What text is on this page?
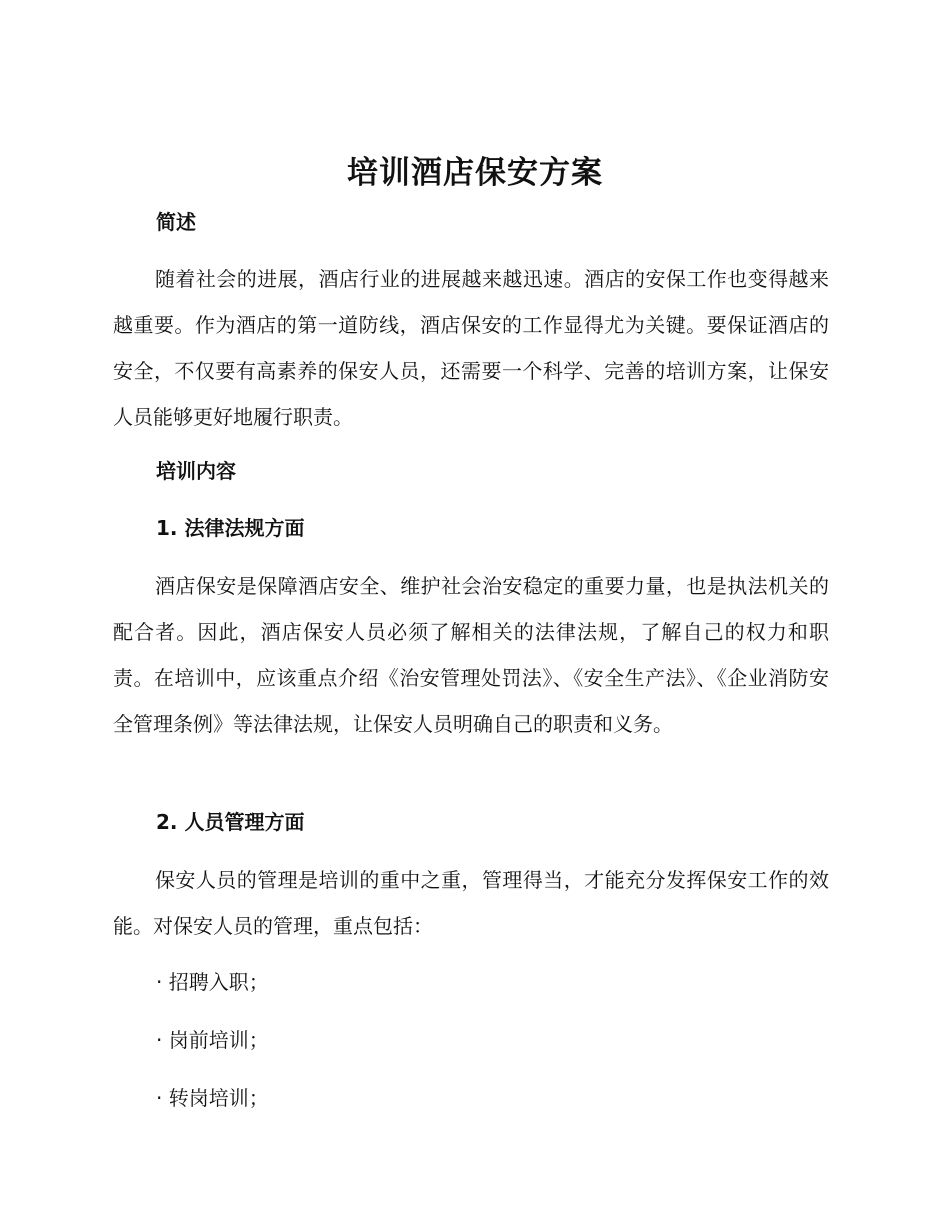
培训酒店保安方案
简述

随着社会的进展，酒店行业的进展越来越迅速。酒店的安保工作也变得越来越重要。作为酒店的第一道防线，酒店保安的工作显得尤为关键。要保证酒店的安全，不仅要有高素养的保安人员，还需要一个科学、完善的培训方案，让保安人员能够更好地履行职责。

培训内容
1. 法律法规方面

酒店保安是保障酒店安全、维护社会治安稳定的重要力量，也是执法机关的配合者。因此，酒店保安人员必须了解相关的法律法规，了解自己的权力和职责。在培训中，应该重点介绍《治安管理处罚法》、《安全生产法》、《企业消防安全管理条例》等法律法规，让保安人员明确自己的职责和义务。

2. 人员管理方面

保安人员的管理是培训的重中之重，管理得当，才能充分发挥保安工作的效能。对保安人员的管理，重点包括：

· 招聘入职；
· 岗前培训；
· 转岗培训；
